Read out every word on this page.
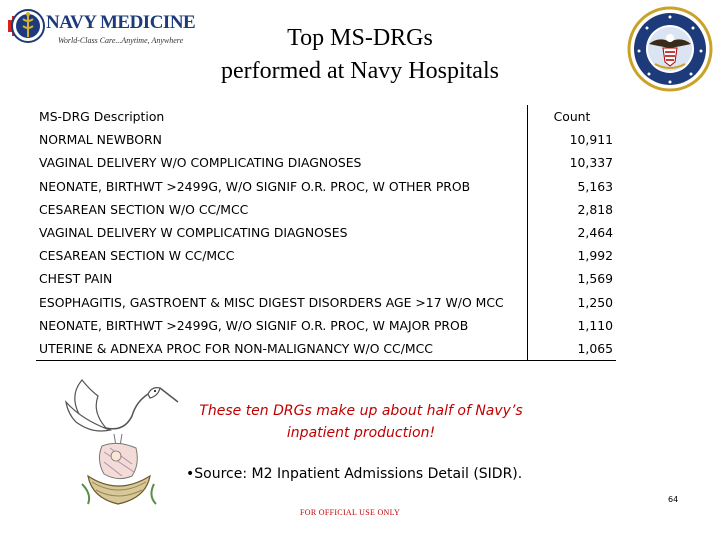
NAVY MEDICINE
World-Class Care...Anytime, Anywhere	Top MS-DRGs
performed at Navy Hospitals
MS-DRG Description	Count
NORMAL NEWBORN	10,911
VAGINAL DELIVERY W/O COMPLICATING DIAGNOSES	10,337
NEONATE, BIRTHWT >2499G, W/O SIGNIF O.R. PROC, W OTHER PROB	5,163
CESAREAN SECTION W/O CC/MCC	2,818
VAGINAL DELIVERY W COMPLICATING DIAGNOSES	2,464
CESAREAN SECTION W CC/MCC	1,992
CHEST PAIN	1,569
ESOPHAGITIS, GASTROENT & MISC DIGEST DISORDERS AGE >17 W/O MCC	1,250
NEONATE, BIRTHWT >2499G, W/O SIGNIF O.R. PROC, W MAJOR PROB	1,110
UTERINE & ADNEXA PROC FOR NON-MALIGNANCY W/O CC/MCC	1,065
These ten DRGs make up about half of Navy’s
inpatient production!
•Source: M2 Inpatient Admissions Detail (SIDR).
FOR OFFICIAL USE ONLY
64
